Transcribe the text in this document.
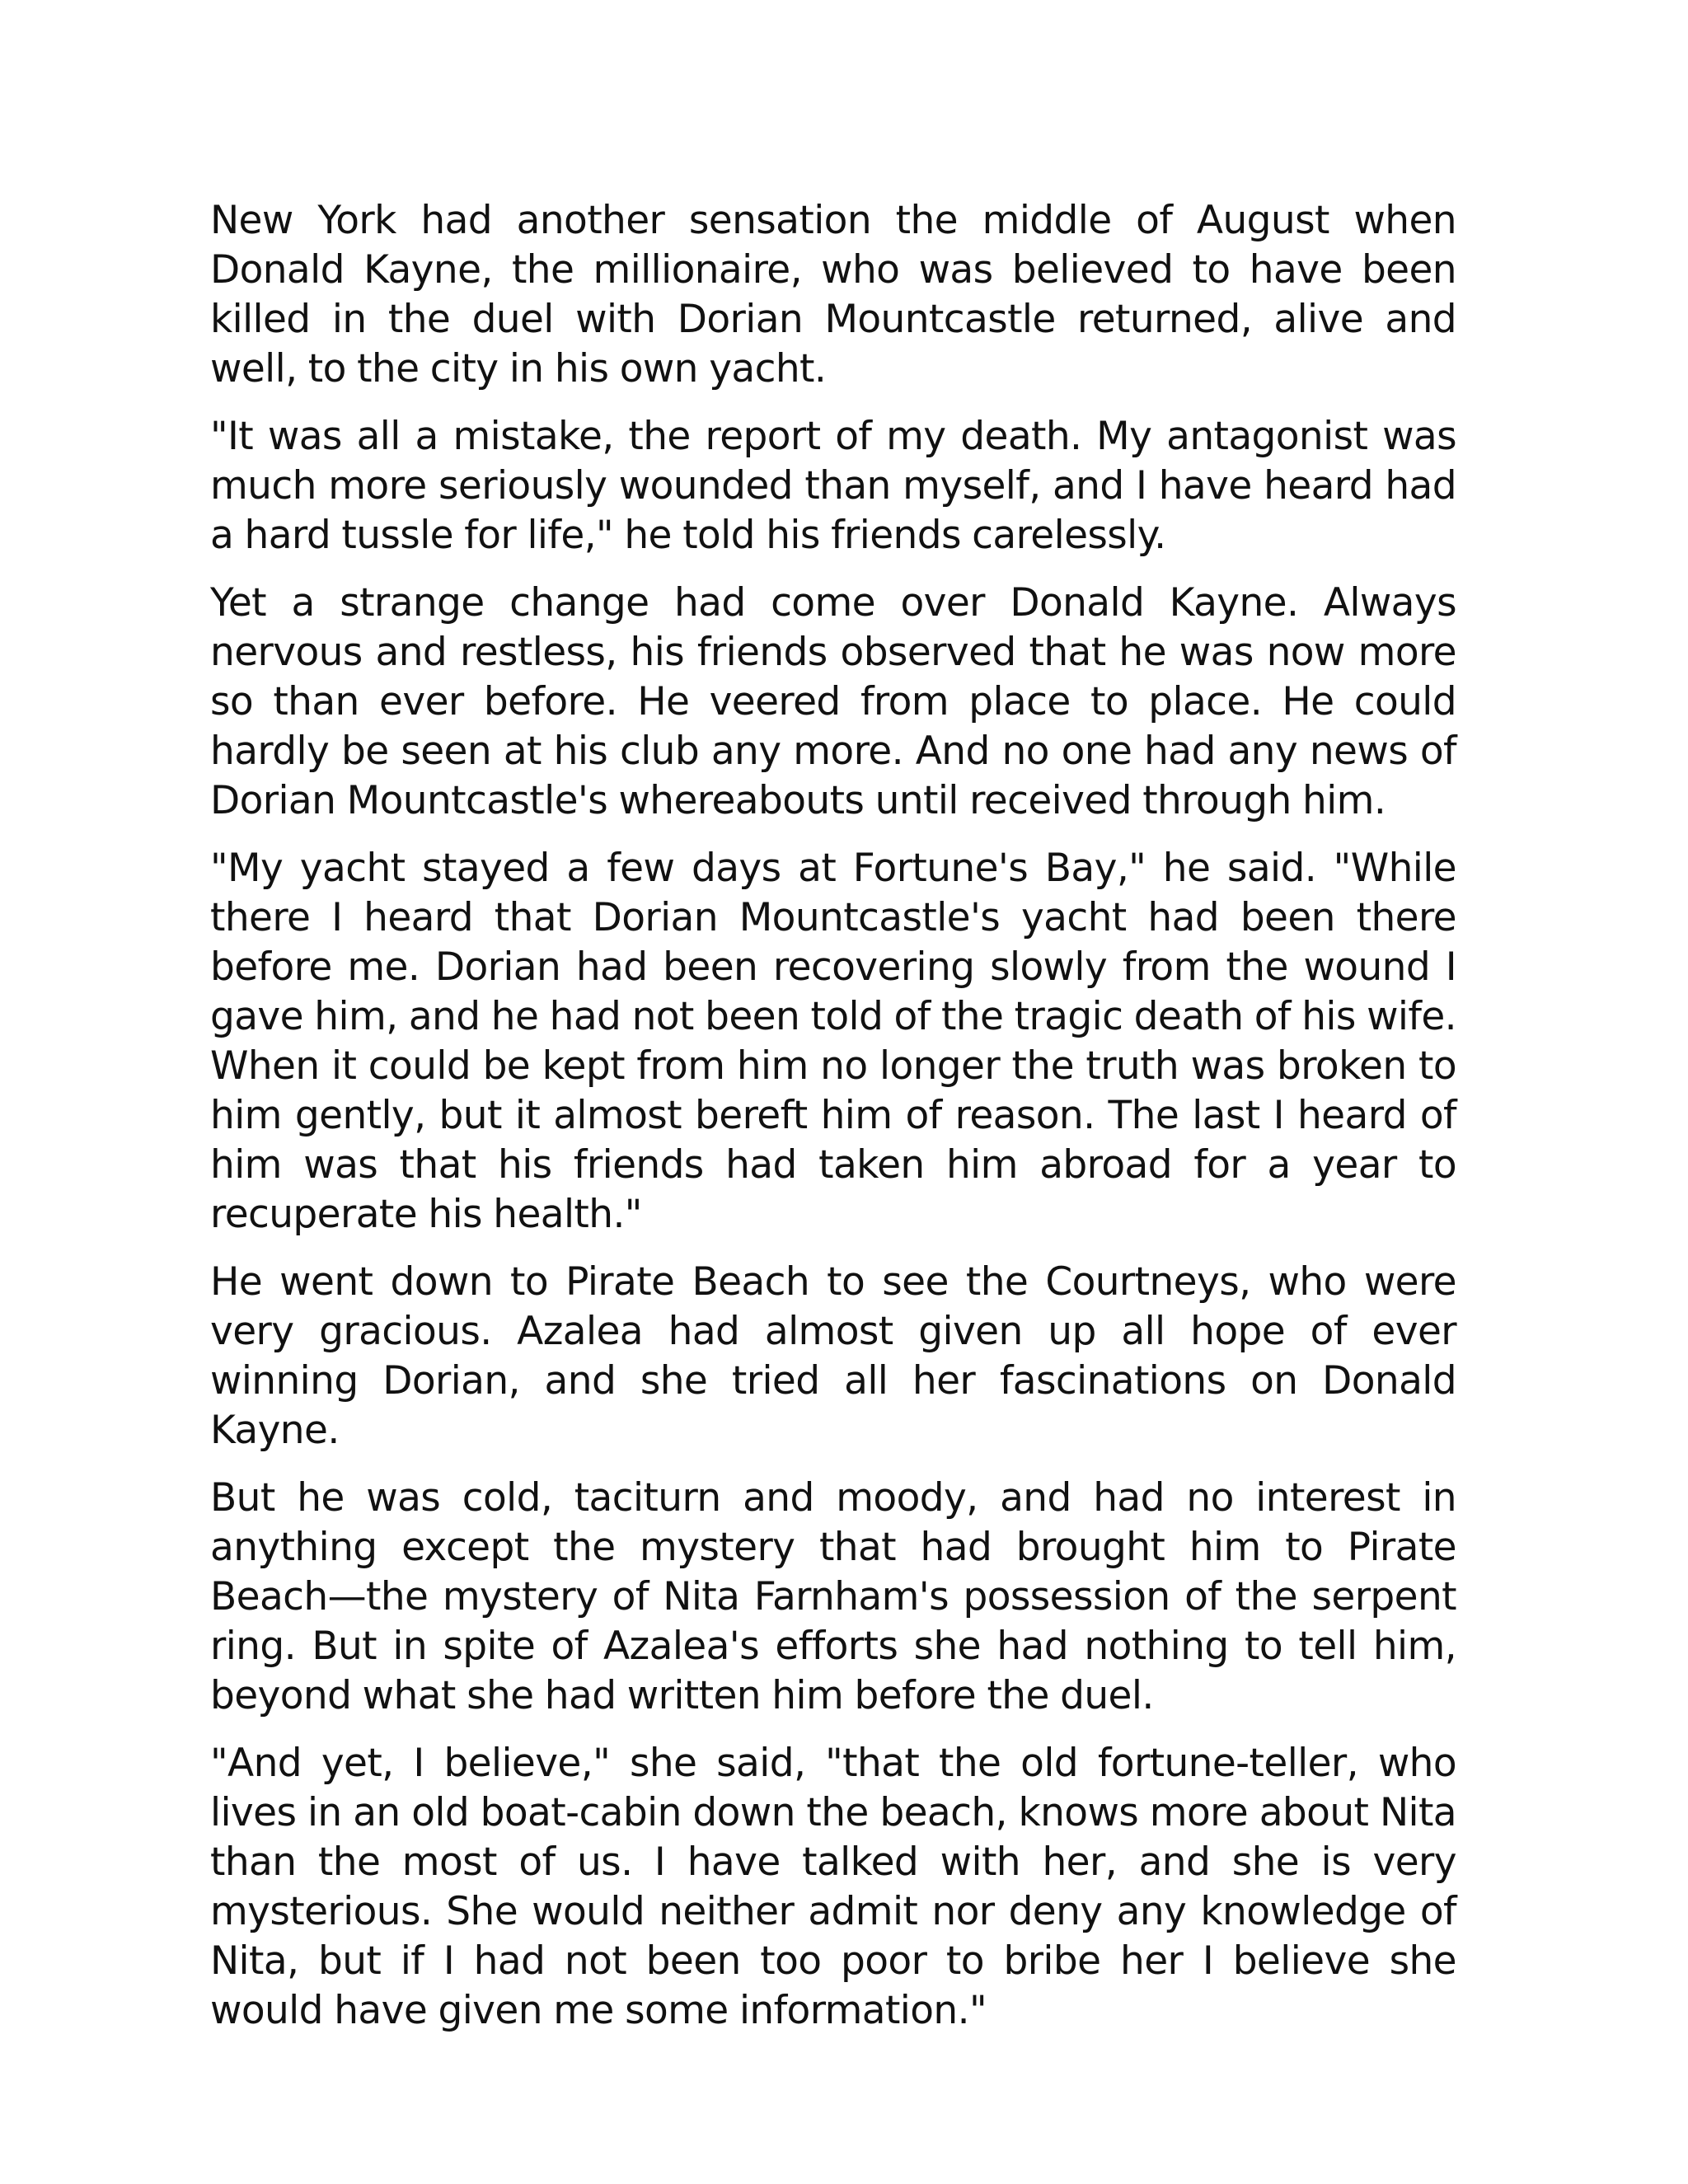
New York had another sensation the middle of August when Donald Kayne, the millionaire, who was believed to have been killed in the duel with Dorian Mountcastle returned, alive and well, to the city in his own yacht.

"It was all a mistake, the report of my death. My antagonist was much more seriously wounded than myself, and I have heard had a hard tussle for life," he told his friends carelessly.

Yet a strange change had come over Donald Kayne. Always nervous and restless, his friends observed that he was now more so than ever before. He veered from place to place. He could hardly be seen at his club any more. And no one had any news of Dorian Mountcastle's whereabouts until received through him.

"My yacht stayed a few days at Fortune's Bay," he said. "While there I heard that Dorian Mountcastle's yacht had been there before me. Dorian had been recovering slowly from the wound I gave him, and he had not been told of the tragic death of his wife. When it could be kept from him no longer the truth was broken to him gently, but it almost bereft him of reason. The last I heard of him was that his friends had taken him abroad for a year to recuperate his health."

He went down to Pirate Beach to see the Courtneys, who were very gracious. Azalea had almost given up all hope of ever winning Dorian, and she tried all her fascinations on Donald Kayne.

But he was cold, taciturn and moody, and had no interest in anything except the mystery that had brought him to Pirate Beach—the mystery of Nita Farnham's possession of the serpent ring. But in spite of Azalea's efforts she had nothing to tell him, beyond what she had written him before the duel.

"And yet, I believe," she said, "that the old fortune-teller, who lives in an old boat-cabin down the beach, knows more about Nita than the most of us. I have talked with her, and she is very mysterious. She would neither admit nor deny any knowledge of Nita, but if I had not been too poor to bribe her I believe she would have given me some information."
